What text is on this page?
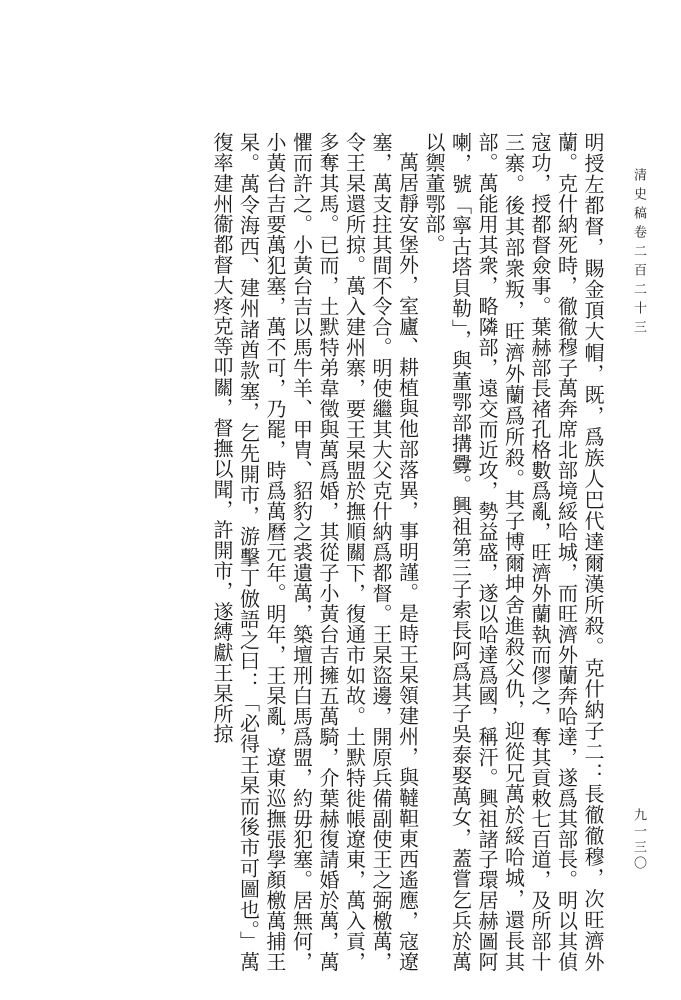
清史稿卷二百二十三

明授左都督，賜金頂大帽，既，爲族人巴代達爾漢所殺。克什納子二：長徹徹穆，次旺濟外蘭。克什納死時，徹徹穆子萬奔席北部境綏哈城，而旺濟外蘭奔哈達，遂爲其部長。明以其偵寇功，授都督僉事。葉赫部長褚孔格數爲亂，旺濟外蘭執而僇之，奪其貢敕七百道，及所部十三寨。後其部衆叛，旺濟外蘭爲所殺。其子博爾坤舍進殺父仇，迎從兄萬於綏哈城，還長其部。萬能用其衆，略隣部，遠交而近攻，勢益盛，遂以哈達爲國，稱汗。興祖諸子環居赫圖阿喇，號「寧古塔貝勒」，與董鄂部搆釁。興祖第三子索長阿爲其子吳泰娶萬女，蓋嘗乞兵於萬以禦董鄂部。

萬居靜安堡外，室廬、耕植與他部落異，事明謹。是時王杲領建州，與韃靼東西遙應，寇遼塞，萬支拄其間不令合。明使繼其大父克什納爲都督。王杲盜邊，開原兵備副使王之弼檄萬，令王杲還所掠。萬入建州寨，要王杲盟於撫順關下，復通市如故。土默特徙帳遼東，萬入貢，多奪其馬。已而，土默特弟韋徵與萬爲婚，其從子小黃台吉擁五萬騎，介葉赫復請婚於萬，萬懼而許之。小黃台吉以馬牛羊、甲胄、貂豹之裘遺萬，築壇刑白馬爲盟，約毋犯塞。居無何，小黃台吉要萬犯塞，萬不可，乃罷，時爲萬曆元年。明年，王杲亂，遼東巡撫張學顏檄萬捕王杲。萬令海西、建州諸酋款塞，乞先開市，游擊丁倣語之曰：「必得王杲而後市可圖也。」萬復率建州衞都督大疼克等叩關，督撫以聞，許開市，遂縛獻王杲所掠

九一三〇
